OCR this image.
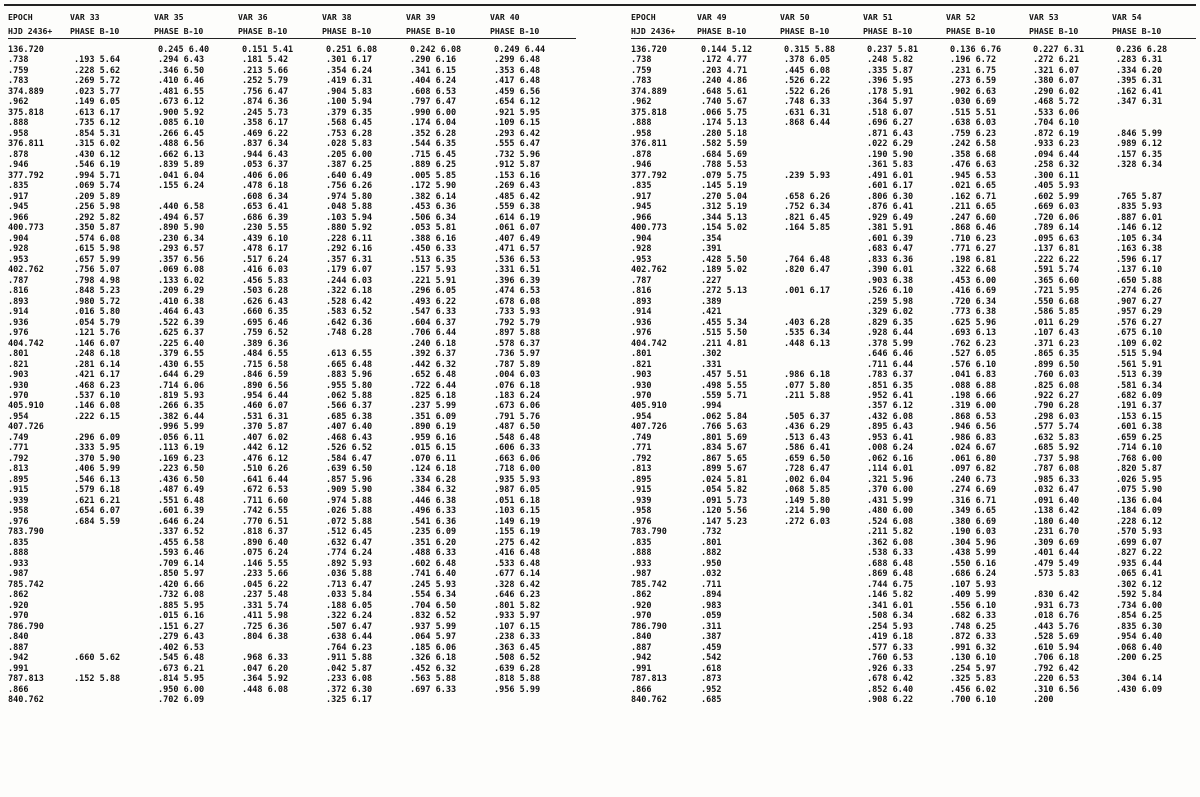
EPOCH	VAR 33	VAR 35	VAR 36	VAR 38	VAR 39	VAR 40
HJD 2436+	PHASE B-10	PHASE B-10	PHASE B-10	PHASE B-10	PHASE B-10	PHASE B-10

136.720		0.245 6.40	0.151 5.41	0.251 6.08	0.242 6.08	0.249 6.44
.738	.193 5.64	.294 6.43	.181 5.42	.301 6.17	.290 6.16	.299 6.48
.759	.228 5.62	.346 6.50	.213 5.66	.354 6.24	.341 6.15	.353 6.48
.783	.269 5.72	.410 6.46	.252 5.79	.419 6.31	.404 6.24	.417 6.48
374.889	.023 5.77	.481 6.55	.756 6.47	.904 5.83	.608 6.53	.459 6.56
.962	.149 6.05	.673 6.12	.874 6.36	.100 5.94	.797 6.47	.654 6.12
375.818	.613 6.17	.900 5.92	.245 5.73	.379 6.35	.990 6.00	.921 5.95
.888	.735 6.12	.085 6.10	.358 6.17	.568 6.45	.174 6.04	.109 6.15
.958	.854 5.31	.266 6.45	.469 6.22	.753 6.28	.352 6.28	.293 6.42
376.811	.315 6.02	.488 6.56	.837 6.34	.028 5.83	.544 6.35	.555 6.47
.878	.430 6.12	.662 6.13	.944 6.43	.205 6.00	.715 6.45	.732 5.96
.946	.546 6.19	.839 5.89	.053 6.37	.387 6.25	.889 6.25	.912 5.87
377.792	.994 5.71	.041 6.04	.406 6.06	.640 6.49	.005 5.85	.153 6.16
.835	.069 5.74	.155 6.24	.478 6.18	.756 6.26	.172 5.90	.269 6.43
.917	.209 5.89		.608 6.34	.974 5.80	.382 6.14	.485 6.42
.945	.256 5.98	.440 6.58	.653 6.41	.048 5.88	.453 6.36	.559 6.38
.966	.292 5.82	.494 6.57	.686 6.39	.103 5.94	.506 6.34	.614 6.19
400.773	.350 5.87	.890 5.90	.230 5.55	.880 5.92	.053 5.81	.061 6.07
.904	.574 6.08	.230 6.34	.439 6.10	.228 6.11	.388 6.16	.407 6.49
.928	.615 5.98	.293 6.57	.478 6.17	.292 6.16	.450 6.33	.471 6.57
.953	.657 5.99	.357 6.56	.517 6.24	.357 6.31	.513 6.35	.536 6.53
402.762	.756 5.07	.069 6.08	.416 6.03	.179 6.07	.157 5.93	.331 6.51
.787	.798 4.98	.133 6.02	.456 5.83	.244 6.03	.221 5.91	.396 6.39
.816	.848 5.23	.209 6.29	.503 6.28	.322 6.18	.296 6.05	.474 6.53
.893	.980 5.72	.410 6.38	.626 6.43	.528 6.42	.493 6.22	.678 6.08
.914	.016 5.80	.464 6.43	.660 6.35	.583 6.52	.547 6.33	.733 5.93
.936	.054 5.79	.522 6.39	.695 6.46	.642 6.36	.604 6.37	.792 5.79
.976	.121 5.76	.625 6.37	.759 6.52	.748 6.28	.706 6.44	.897 5.88
404.742	.146 6.07	.225 6.40	.389 6.36		.240 6.18	.578 6.37
.801	.248 6.18	.379 6.55	.484 6.55	.613 6.55	.392 6.37	.736 5.97
.821	.281 6.14	.430 6.55	.715 6.58	.665 6.48	.442 6.32	.787 5.89
.903	.421 6.17	.644 6.29	.846 6.59	.883 5.96	.652 6.48	.004 6.03
.930	.468 6.23	.714 6.06	.890 6.56	.955 5.80	.722 6.44	.076 6.18
.970	.537 6.10	.819 5.93	.954 6.44	.062 5.88	.825 6.18	.183 6.24
405.910	.146 6.08	.266 6.35	.460 6.07	.566 6.37	.237 5.99	.673 6.06
.954	.222 6.15	.382 6.44	.531 6.31	.685 6.38	.351 6.09	.791 5.76
407.726		.996 5.99	.370 5.87	.407 6.40	.890 6.19	.487 6.50
.749	.296 6.09	.056 6.11	.407 6.02	.468 6.43	.959 6.16	.548 6.48
.771	.333 5.95	.113 6.19	.442 6.12	.526 6.52	.015 6.15	.606 6.33
.792	.370 5.90	.169 6.23	.476 6.12	.584 6.47	.070 6.11	.663 6.06
.813	.406 5.99	.223 6.50	.510 6.26	.639 6.50	.124 6.18	.718 6.00
.895	.546 6.13	.436 6.50	.641 6.44	.857 5.96	.334 6.28	.935 5.93
.915	.579 6.18	.487 6.49	.672 6.53	.909 5.90	.384 6.32	.987 6.05
.939	.621 6.21	.551 6.48	.711 6.60	.974 5.88	.446 6.38	.051 6.18
.958	.654 6.07	.601 6.39	.742 6.55	.026 5.88	.496 6.33	.103 6.15
.976	.684 5.59	.646 6.24	.770 6.51	.072 5.88	.541 6.36	.149 6.19
783.790		.337 6.52	.818 6.37	.512 6.45	.235 6.09	.155 6.19
.835		.455 6.58	.890 6.40	.632 6.47	.351 6.20	.275 6.42
.888		.593 6.46	.075 6.24	.774 6.24	.488 6.33	.416 6.48
.933		.709 6.14	.146 5.55	.892 5.93	.602 6.48	.533 6.48
.987		.850 5.97	.233 5.66	.036 5.88	.741 6.40	.677 6.14
785.742		.420 6.66	.045 6.22	.713 6.47	.245 5.93	.328 6.42
.862		.732 6.08	.237 5.48	.033 5.84	.554 6.34	.646 6.23
.920		.885 5.95	.331 5.74	.188 6.05	.704 6.50	.801 5.82
.970		.015 6.16	.411 5.98	.322 6.24	.832 6.52	.933 5.97
786.790		.151 6.27	.725 6.36	.507 6.47	.937 5.99	.107 6.15
.840		.279 6.43	.804 6.38	.638 6.44	.064 5.97	.238 6.33
.887		.402 6.53		.764 6.23	.185 6.06	.363 6.45
.942	.660 5.62	.545 6.48	.968 6.33	.911 5.88	.326 6.18	.508 6.52
.991		.673 6.21	.047 6.20	.042 5.87	.452 6.32	.639 6.28
787.813	.152 5.88	.814 5.95	.364 5.92	.233 6.08	.563 5.88	.818 5.88
.866		.950 6.00	.448 6.08	.372 6.30	.697 6.33	.956 5.99
840.762		.702 6.09		.325 6.17		
EPOCH	VAR 49	VAR 50	VAR 51	VAR 52	VAR 53	VAR 54
HJD 2436+	PHASE B-10	PHASE B-10	PHASE B-10	PHASE B-10	PHASE B-10	PHASE B-10

136.720	0.144 5.12	0.315 5.88	0.237 5.81	0.136 6.76	0.227 6.31	0.236 6.28
.738	.172 4.77	.378 6.05	.248 5.82	.196 6.72	.272 6.21	.283 6.31
.759	.203 4.71	.445 6.08	.335 5.87	.231 6.75	.321 6.07	.334 6.20
.783	.240 4.86	.526 6.22	.396 5.95	.273 6.59	.380 6.07	.395 6.31
374.889	.648 5.61	.522 6.26	.178 5.91	.902 6.63	.290 6.02	.162 6.41
.962	.740 5.67	.748 6.33	.364 5.97	.030 6.69	.468 5.72	.347 6.31
375.818	.066 5.75	.631 6.31	.518 6.07	.515 5.51	.533 6.06	
.888	.174 5.13	.868 6.44	.696 6.27	.638 6.03	.704 6.10	
.958	.280 5.18		.871 6.43	.759 6.23	.872 6.19	.846 5.99
376.811	.582 5.59		.022 6.29	.242 6.58	.933 6.23	.989 6.12
.878	.684 5.69		.190 5.90	.358 6.68	.094 6.44	.157 6.35
.946	.788 5.53		.361 5.83	.476 6.63	.258 6.32	.328 6.34
377.792	.079 5.75	.239 5.93	.491 6.01	.945 6.53	.300 6.11	
.835	.145 5.19		.601 6.17	.021 6.65	.405 5.93	
.917	.270 5.04	.658 6.26	.806 6.30	.162 6.71	.602 5.99	.765 5.87
.945	.312 5.19	.752 6.34	.876 6.41	.211 6.65	.669 6.03	.835 5.93
.966	.344 5.13	.821 6.45	.929 6.49	.247 6.60	.720 6.06	.887 6.01
400.773	.154 5.02	.164 5.85	.381 5.91	.868 6.46	.789 6.14	.146 6.12
.904	.354		.601 6.39	.710 6.23	.095 6.63	.105 6.34
.928	.391		.683 6.47	.771 6.27	.137 6.81	.163 6.38
.953	.428 5.50	.764 6.48	.833 6.36	.198 6.81	.222 6.22	.596 6.17
402.762	.189 5.02	.820 6.47	.390 6.01	.322 6.68	.591 5.74	.137 6.10
.787	.227		.903 6.38	.453 6.00	.365 6.60	.650 5.88
.816	.272 5.13	.001 6.17	.526 6.10	.416 6.69	.721 5.95	.274 6.26
.893	.389		.259 5.98	.720 6.34	.550 6.68	.907 6.27
.914	.421		.329 6.02	.773 6.38	.586 5.85	.957 6.29
.936	.455 5.34	.403 6.28	.829 6.35	.625 5.96	.011 6.29	.576 6.27
.976	.515 5.50	.535 6.34	.928 6.44	.693 6.13	.107 6.43	.675 6.10
404.742	.211 4.81	.448 6.13	.378 5.99	.762 6.23	.371 6.23	.109 6.02
.801	.302		.646 6.46	.527 6.05	.865 6.35	.515 5.94
.821	.331		.711 6.44	.576 6.10	.899 6.50	.561 5.91
.903	.457 5.51	.986 6.18	.783 6.37	.041 6.83	.760 6.03	.513 6.39
.930	.498 5.55	.077 5.80	.851 6.35	.088 6.88	.825 6.08	.581 6.34
.970	.559 5.71	.211 5.88	.952 6.41	.198 6.66	.922 6.27	.682 6.09
405.910	.994		.357 6.12	.319 6.00	.790 6.28	.191 6.37
.954	.062 5.84	.505 6.37	.432 6.08	.868 6.53	.298 6.03	.153 6.15
407.726	.766 5.63	.436 6.29	.895 6.43	.946 6.56	.577 5.74	.601 6.38
.749	.801 5.69	.513 6.43	.953 6.41	.986 6.83	.632 5.83	.659 6.25
.771	.834 5.67	.586 6.41	.008 6.24	.024 6.67	.685 5.92	.714 6.10
.792	.867 5.65	.659 6.50	.062 6.16	.061 6.80	.737 5.98	.768 6.00
.813	.899 5.67	.728 6.47	.114 6.01	.097 6.82	.787 6.08	.820 5.87
.895	.024 5.81	.002 6.04	.321 5.96	.240 6.73	.985 6.33	.026 5.95
.915	.054 5.82	.068 5.85	.370 6.00	.274 6.69	.032 6.47	.075 5.90
.939	.091 5.73	.149 5.80	.431 5.99	.316 6.71	.091 6.40	.136 6.04
.958	.120 5.56	.214 5.90	.480 6.00	.349 6.65	.138 6.42	.184 6.09
.976	.147 5.23	.272 6.03	.524 6.08	.380 6.69	.180 6.40	.228 6.12
783.790	.732		.211 5.82	.190 6.03	.231 6.70	.570 5.93
.835	.801		.362 6.08	.304 5.96	.309 6.69	.699 6.07
.888	.882		.538 6.33	.438 5.99	.401 6.44	.827 6.22
.933	.950		.688 6.48	.550 6.16	.479 5.49	.935 6.44
.987	.032		.869 6.48	.686 6.24	.573 5.83	.065 6.41
785.742	.711		.744 6.75	.107 5.93		.302 6.12
.862	.894		.146 5.82	.409 5.99	.830 6.42	.592 5.84
.920	.983		.341 6.01	.556 6.10	.931 6.73	.734 6.00
.970	.059		.508 6.34	.682 6.33	.018 6.76	.854 6.25
786.790	.311		.254 5.93	.748 6.25	.443 5.76	.835 6.30
.840	.387		.419 6.18	.872 6.33	.528 5.69	.954 6.40
.887	.459		.577 6.33	.991 6.32	.610 5.94	.068 6.40
.942	.542		.760 6.53	.130 6.10	.706 6.18	.200 6.25
.991	.618		.926 6.33	.254 5.97	.792 6.42	
787.813	.873		.678 6.42	.325 5.83	.220 6.53	.304 6.14
.866	.952		.852 6.40	.456 6.02	.310 6.56	.430 6.09
840.762	.685		.908 6.22	.700 6.10	.200	
